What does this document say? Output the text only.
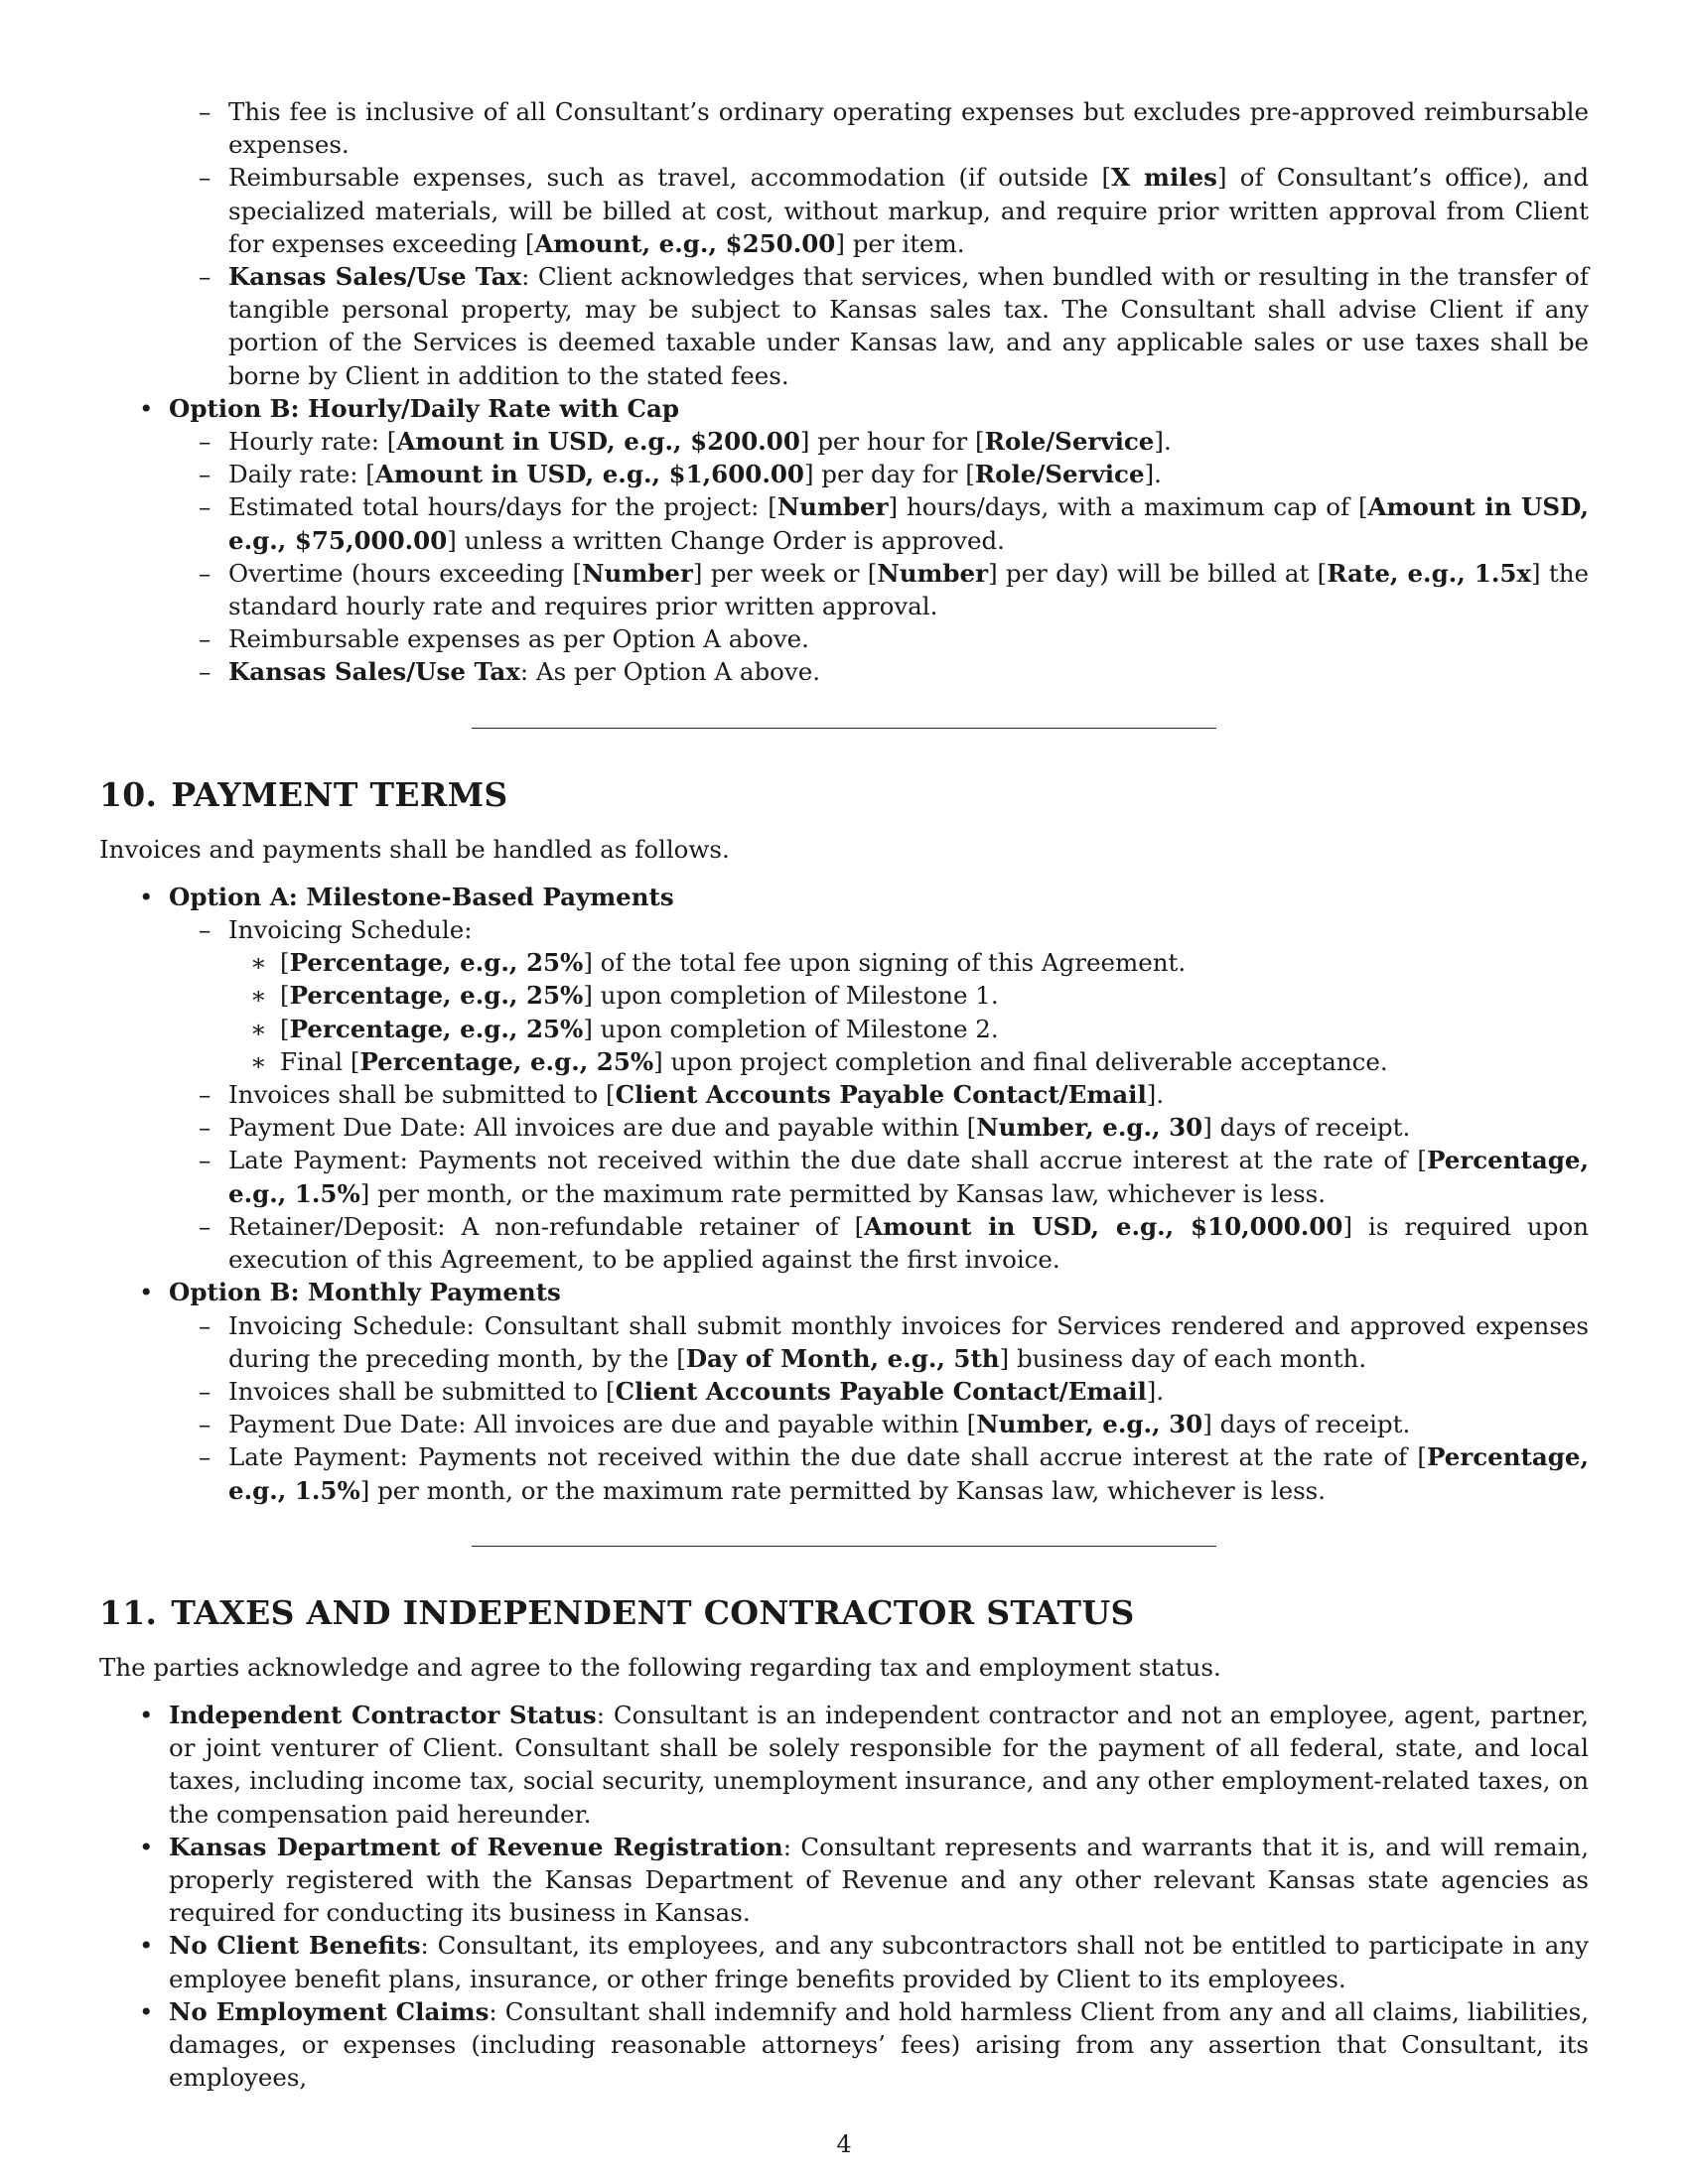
– This fee is inclusive of all Consultant’s ordinary operating expenses but excludes pre-approved reimbursable expenses.
– Reimbursable expenses, such as travel, accommodation (if outside [X miles] of Consultant’s office), and specialized materials, will be billed at cost, without markup, and require prior written approval from Client for expenses exceeding [Amount, e.g., $250.00] per item.
– Kansas Sales/Use Tax: Client acknowledges that services, when bundled with or resulting in the transfer of tangible personal property, may be subject to Kansas sales tax. The Consultant shall advise Client if any portion of the Services is deemed taxable under Kansas law, and any applicable sales or use taxes shall be borne by Client in addition to the stated fees.
• Option B: Hourly/Daily Rate with Cap
– Hourly rate: [Amount in USD, e.g., $200.00] per hour for [Role/Service].
– Daily rate: [Amount in USD, e.g., $1,600.00] per day for [Role/Service].
– Estimated total hours/days for the project: [Number] hours/days, with a maximum cap of [Amount in USD, e.g., $75,000.00] unless a written Change Order is approved.
– Overtime (hours exceeding [Number] per week or [Number] per day) will be billed at [Rate, e.g., 1.5x] the standard hourly rate and requires prior written approval.
– Reimbursable expenses as per Option A above.
– Kansas Sales/Use Tax: As per Option A above.
10. PAYMENT TERMS
Invoices and payments shall be handled as follows.
• Option A: Milestone-Based Payments
– Invoicing Schedule:
∗ [Percentage, e.g., 25%] of the total fee upon signing of this Agreement.
∗ [Percentage, e.g., 25%] upon completion of Milestone 1.
∗ [Percentage, e.g., 25%] upon completion of Milestone 2.
∗ Final [Percentage, e.g., 25%] upon project completion and final deliverable acceptance.
– Invoices shall be submitted to [Client Accounts Payable Contact/Email].
– Payment Due Date: All invoices are due and payable within [Number, e.g., 30] days of receipt.
– Late Payment: Payments not received within the due date shall accrue interest at the rate of [Percentage, e.g., 1.5%] per month, or the maximum rate permitted by Kansas law, whichever is less.
– Retainer/Deposit: A non-refundable retainer of [Amount in USD, e.g., $10,000.00] is required upon execution of this Agreement, to be applied against the first invoice.
• Option B: Monthly Payments
– Invoicing Schedule: Consultant shall submit monthly invoices for Services rendered and approved expenses during the preceding month, by the [Day of Month, e.g., 5th] business day of each month.
– Invoices shall be submitted to [Client Accounts Payable Contact/Email].
– Payment Due Date: All invoices are due and payable within [Number, e.g., 30] days of receipt.
– Late Payment: Payments not received within the due date shall accrue interest at the rate of [Percentage, e.g., 1.5%] per month, or the maximum rate permitted by Kansas law, whichever is less.
11. TAXES AND INDEPENDENT CONTRACTOR STATUS
The parties acknowledge and agree to the following regarding tax and employment status.
• Independent Contractor Status: Consultant is an independent contractor and not an employee, agent, partner, or joint venturer of Client. Consultant shall be solely responsible for the payment of all federal, state, and local taxes, including income tax, social security, unemployment insurance, and any other employment-related taxes, on the compensation paid hereunder.
• Kansas Department of Revenue Registration: Consultant represents and warrants that it is, and will remain, properly registered with the Kansas Department of Revenue and any other relevant Kansas state agencies as required for conducting its business in Kansas.
• No Client Benefits: Consultant, its employees, and any subcontractors shall not be entitled to participate in any employee benefit plans, insurance, or other fringe benefits provided by Client to its employees.
• No Employment Claims: Consultant shall indemnify and hold harmless Client from any and all claims, liabilities, damages, or expenses (including reasonable attorneys’ fees) arising from any assertion that Consultant, its employees,
4
